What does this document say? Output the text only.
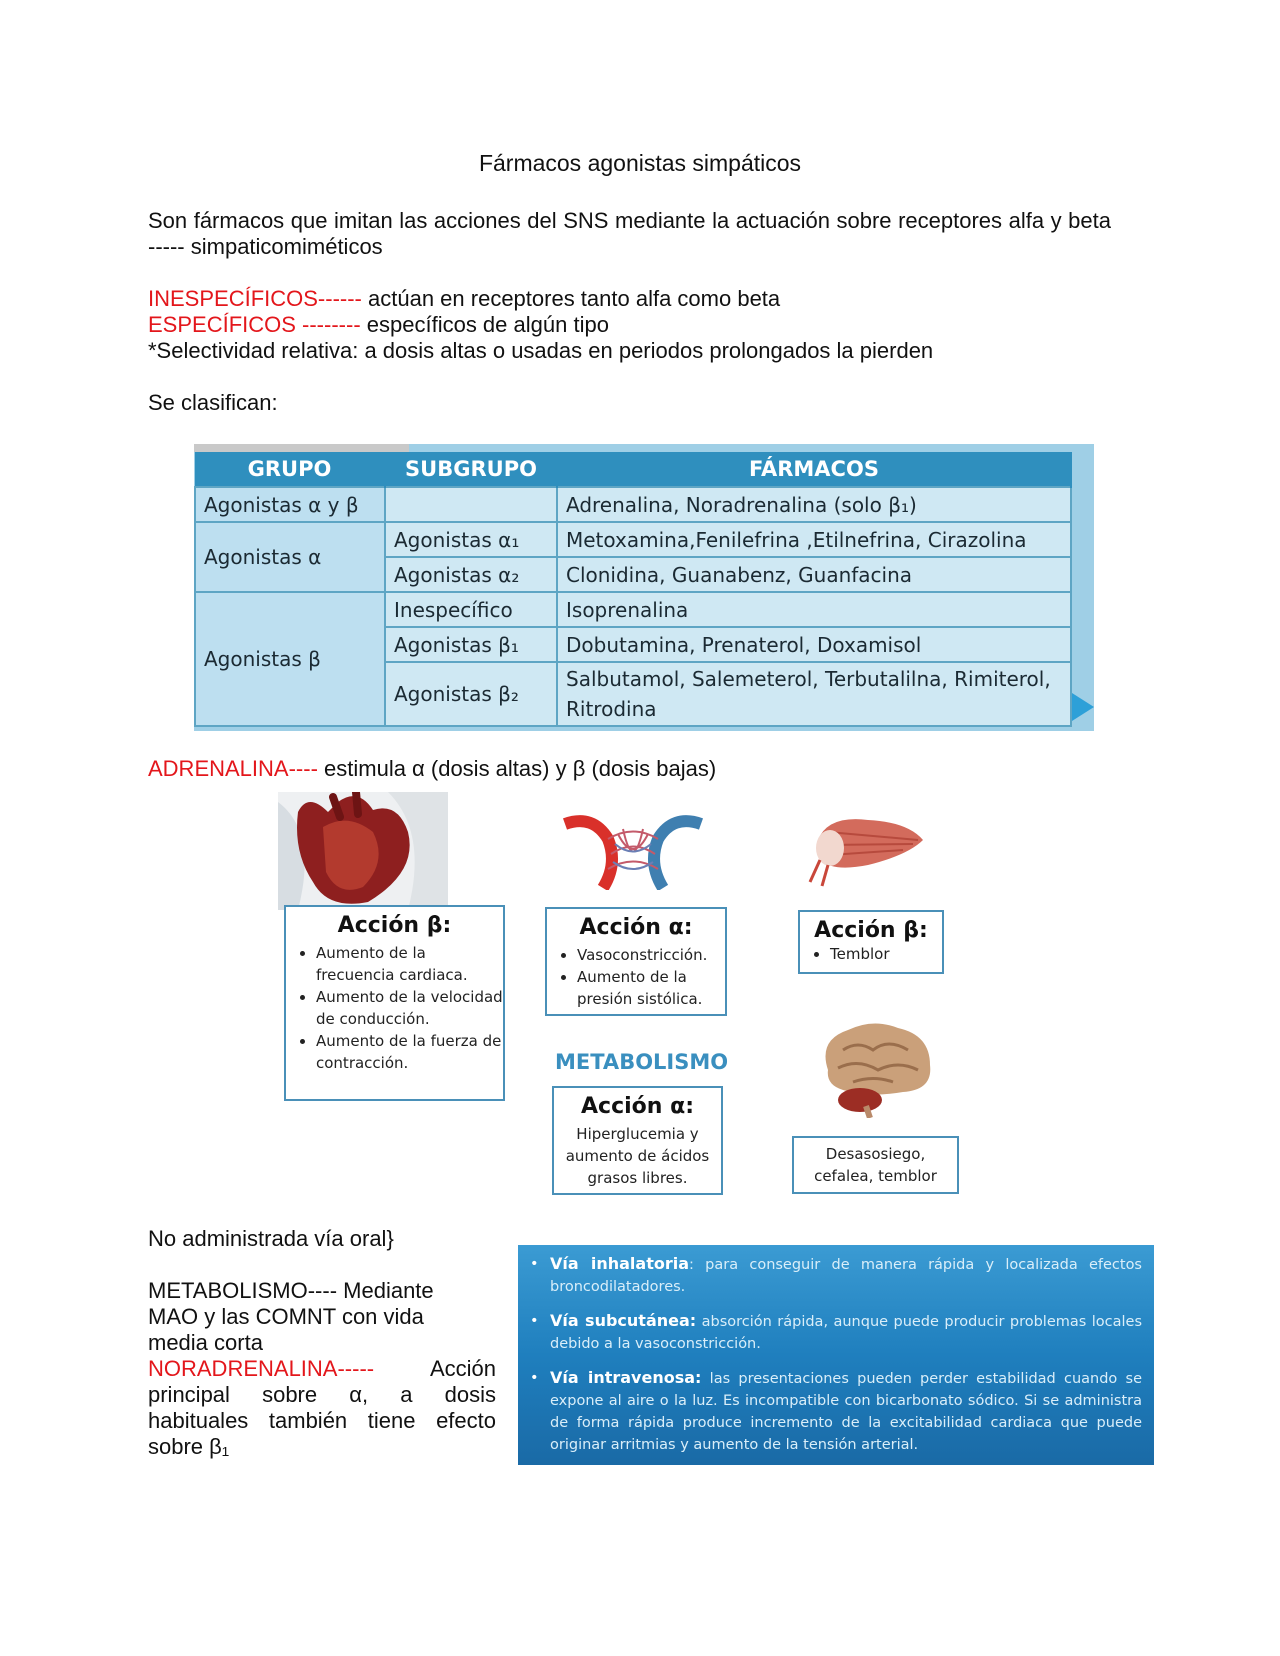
Fármacos agonistas simpáticos
Son fármacos que imitan las acciones del SNS mediante la actuación sobre receptores alfa y beta ----- simpaticomiméticos
INESPECÍFICOS------ actúan en receptores tanto alfa como beta
ESPECÍFICOS -------- específicos de algún tipo
*Selectividad relativa: a dosis altas o usadas en periodos prolongados la pierden
Se clasifican:
GRUPO	SUBGRUPO	FÁRMACOS
Agonistas α y β		Adrenalina, Noradrenalina (solo β₁)
Agonistas α	Agonistas α₁	Metoxamina,Fenilefrina ,Etilnefrina, Cirazolina
	Agonistas α₂	Clonidina, Guanabenz, Guanfacina
Agonistas β	Inespecífico	Isoprenalina
	Agonistas β₁	Dobutamina, Prenaterol, Doxamisol
	Agonistas β₂	Salbutamol, Salemeterol, Terbutalilna, Rimiterol, Ritrodina
ADRENALINA---- estimula α (dosis altas) y β (dosis bajas)
Acción β:
• Aumento de la frecuencia cardiaca.
• Aumento de la velocidad de conducción.
• Aumento de la fuerza de contracción.
Acción α:
• Vasoconstricción.
• Aumento de la presión sistólica.
Acción β:
• Temblor
METABOLISMO
Acción α:

Hiperglucemia y aumento de ácidos grasos libres.

Desasosiego, cefalea, temblor

No administrada vía oral}
METABOLISMO---- Mediante MAO y las COMNT con vida media corta
NORADRENALINA----- Acción principal sobre α, a dosis habituales también tiene efecto sobre β₁
• Vía inhalatoria: para conseguir de manera rápida y localizada efectos broncodilatadores.
• Vía subcutánea: absorción rápida, aunque puede producir problemas locales debido a la vasoconstricción.
• Vía intravenosa: las presentaciones pueden perder estabilidad cuando se expone al aire o la luz. Es incompatible con bicarbonato sódico. Si se administra de forma rápida produce incremento de la excitabilidad cardiaca que puede originar arritmias y aumento de la tensión arterial.
